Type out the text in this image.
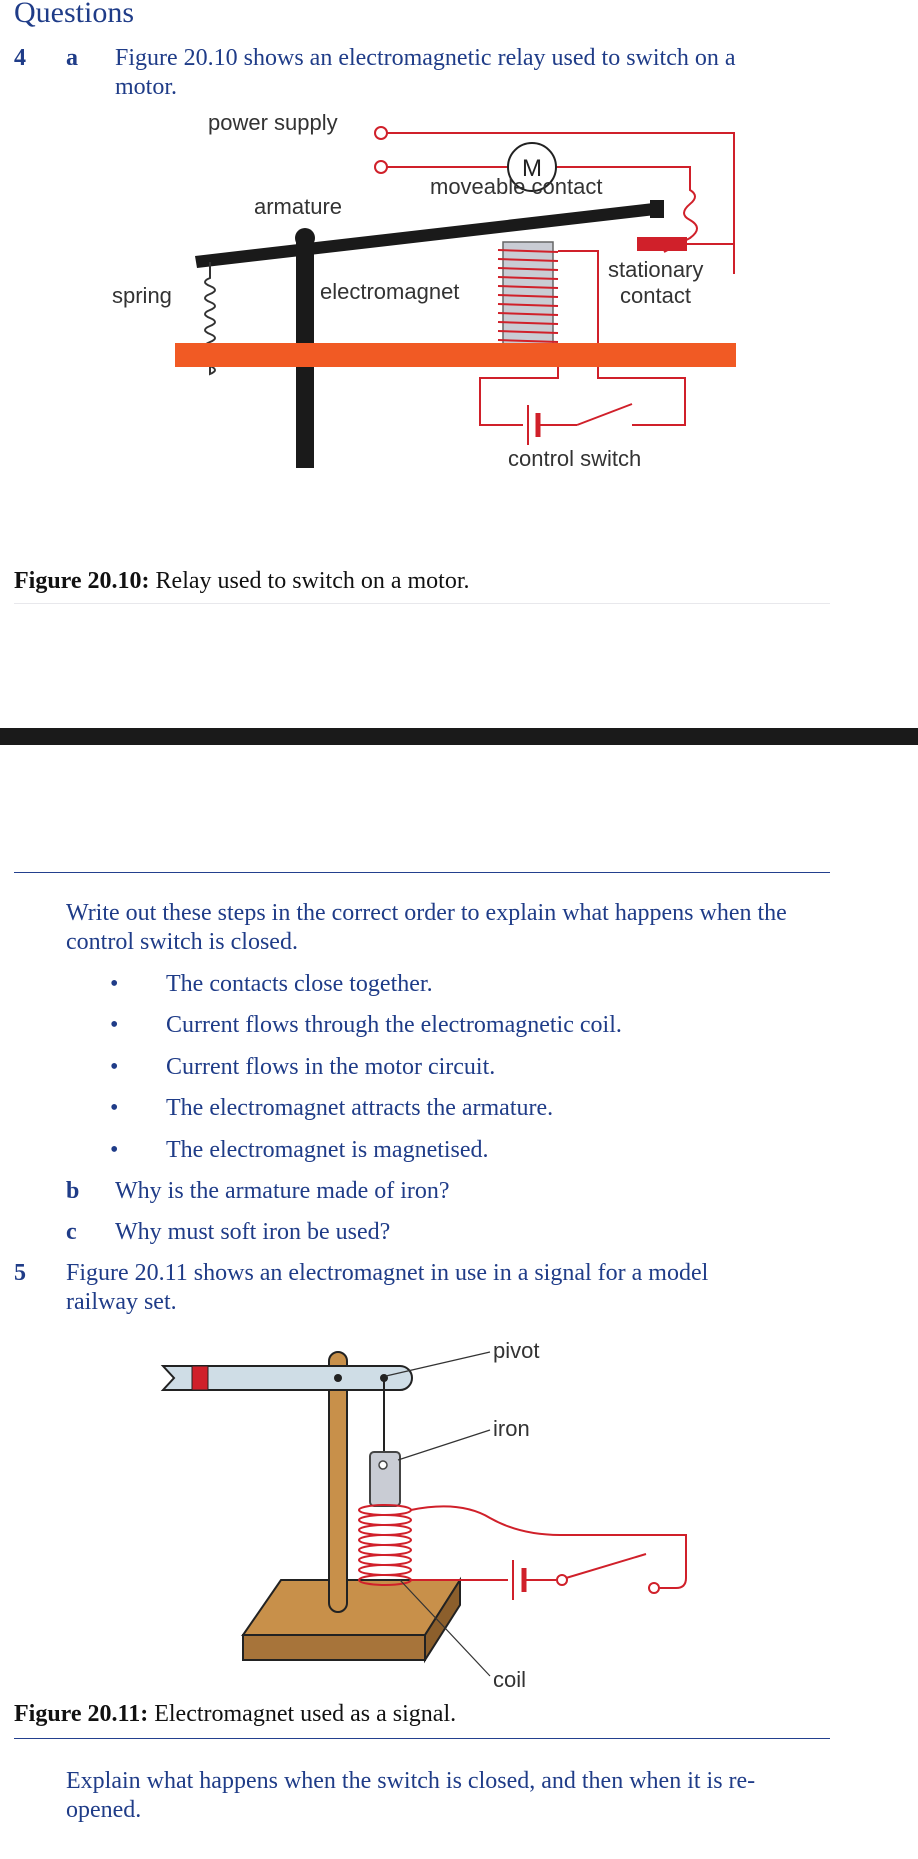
Questions
4 a Figure 20.10 shows an electromagnetic relay used to switch on a
motor.
M
power supply
moveable contact
armature
spring	electromagnet
stationary
contact
control switch
Figure 20.10: Relay used to switch on a motor.
Write out these steps in the correct order to explain what happens when the
control switch is closed.
•	The contacts close together.
•	Current flows through the electromagnetic coil.
•	Current flows in the motor circuit.
•	The electromagnet attracts the armature.
•	The electromagnet is magnetised.
b Why is the armature made of iron?
c Why must soft iron be used?
5 Figure 20.11 shows an electromagnet in use in a signal for a model
railway set.
pivot
iron
coil
Figure 20.11: Electromagnet used as a signal.
Explain what happens when the switch is closed, and then when it is re-
opened.
